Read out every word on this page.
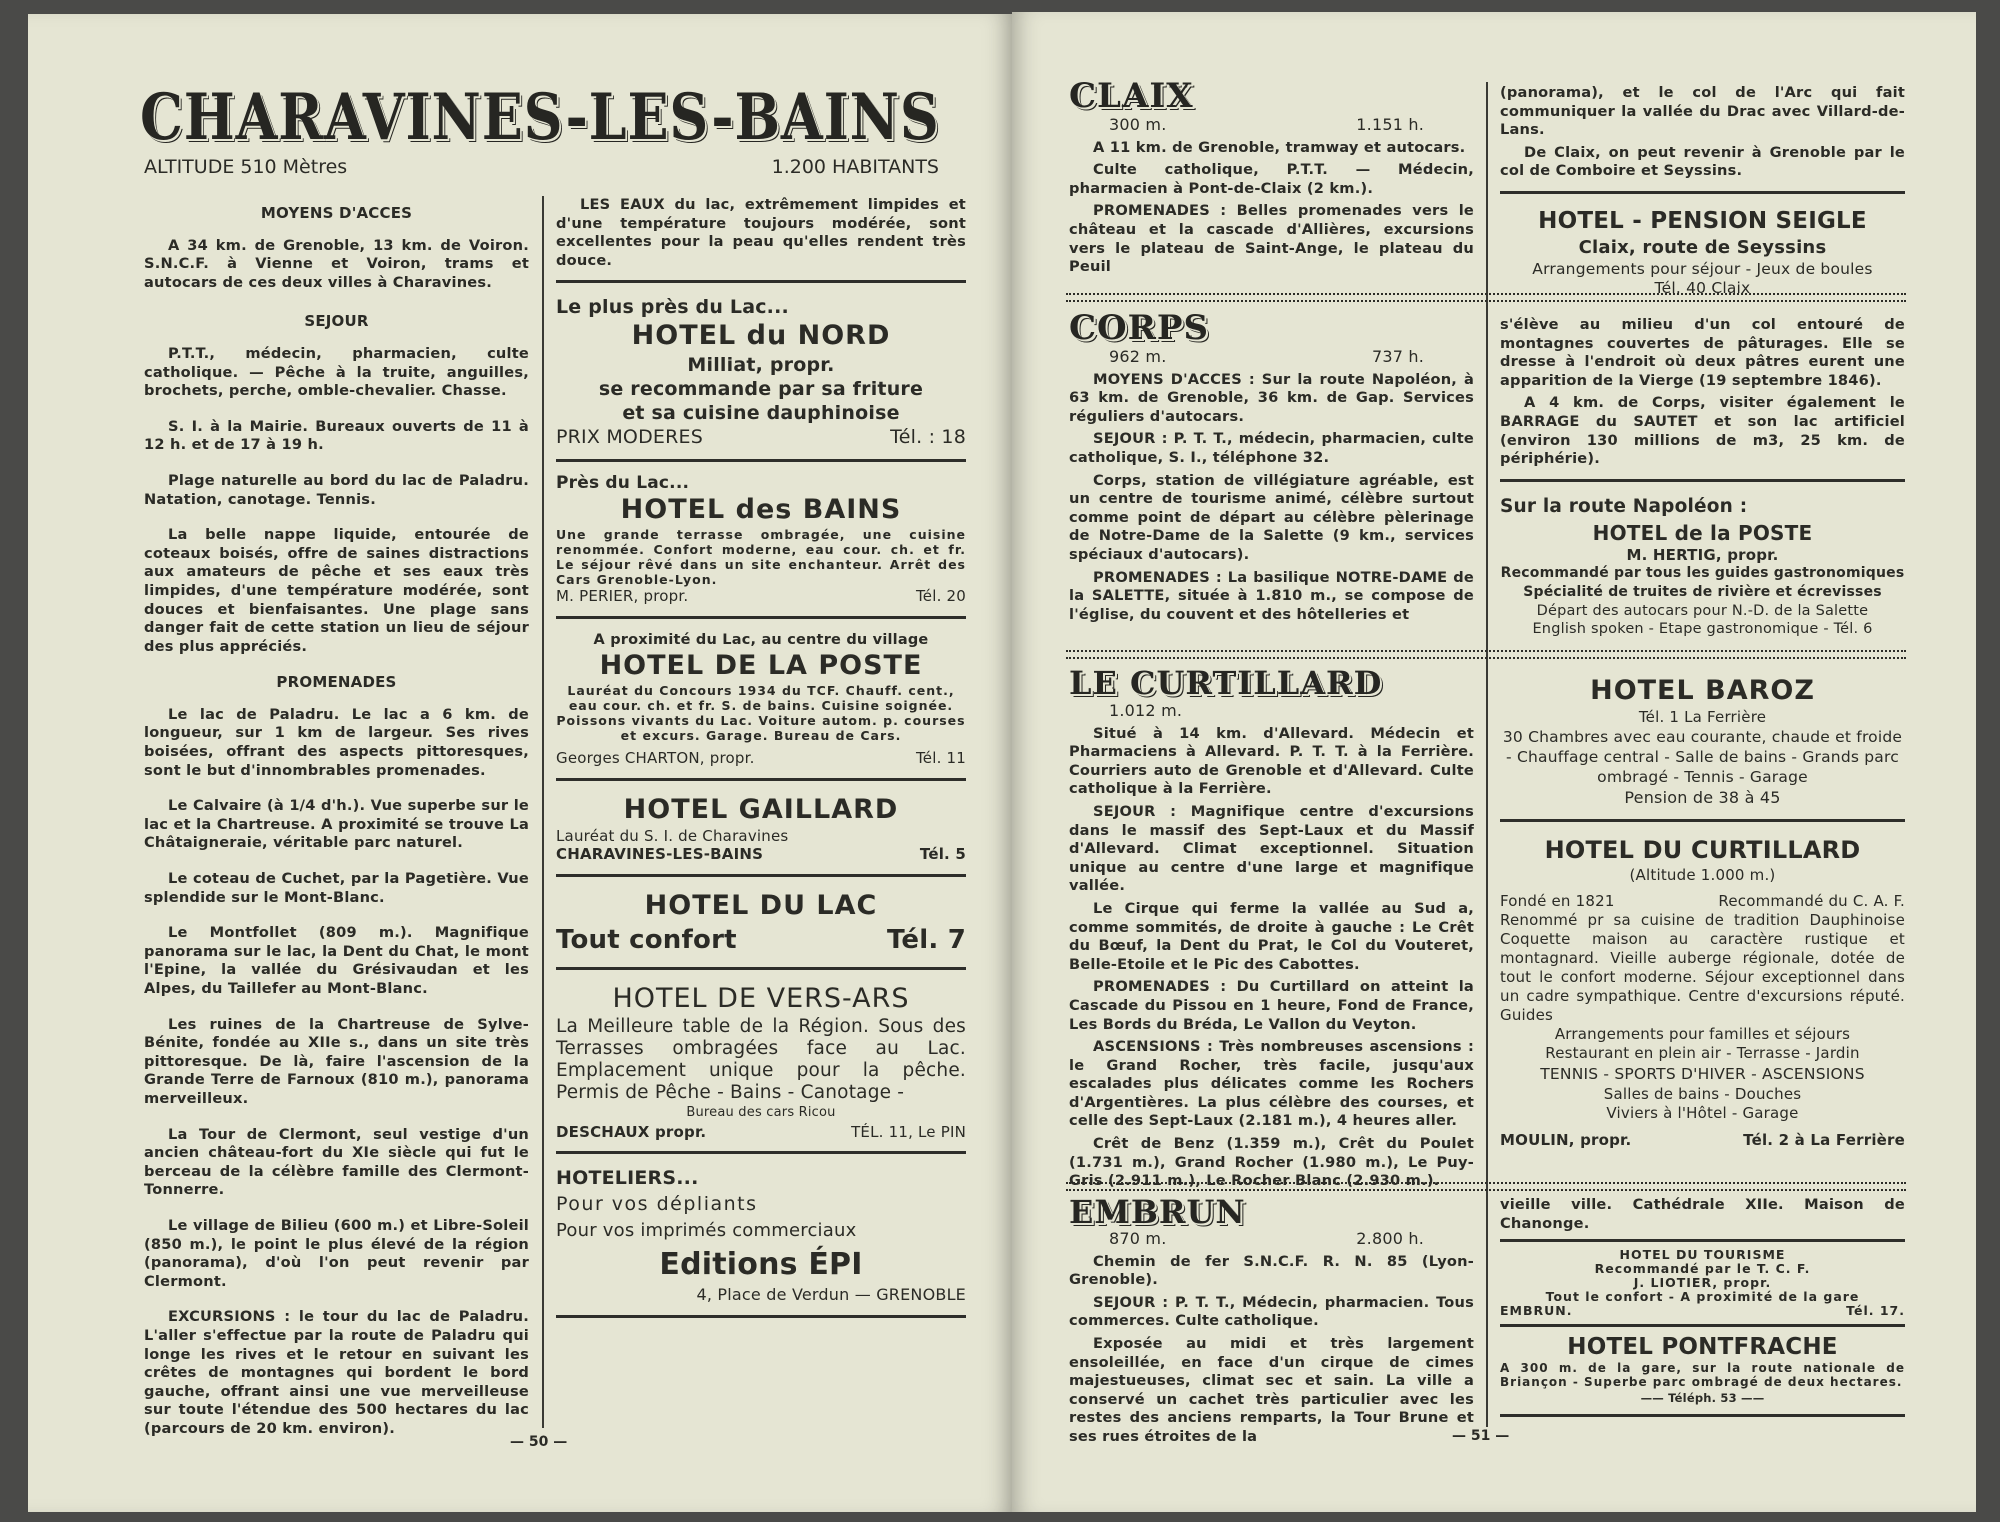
CHARAVINES-LES-BAINS
ALTITUDE 510 Mètres	1.200 HABITANTS

MOYENS D'ACCES

A 34 km. de Grenoble, 13 km. de Voiron. S.N.C.F. à Vienne et Voiron, trams et autocars de ces deux villes à Charavines.

SEJOUR

P.T.T., médecin, pharmacien, culte catholique. — Pêche à la truite, anguilles, brochets, perche, omble-chevalier. Chasse.

S. I. à la Mairie. Bureaux ouverts de 11 à 12 h. et de 17 à 19 h.

Plage naturelle au bord du lac de Paladru. Natation, canotage. Tennis.

La belle nappe liquide, entourée de coteaux boisés, offre de saines distractions aux amateurs de pêche et ses eaux très limpides, d'une température modérée, sont douces et bienfaisantes. Une plage sans danger fait de cette station un lieu de séjour des plus appréciés.

PROMENADES

Le lac de Paladru. Le lac a 6 km. de longueur, sur 1 km de largeur. Ses rives boisées, offrant des aspects pittoresques, sont le but d'innombrables promenades.

Le Calvaire (à 1/4 d'h.). Vue superbe sur le lac et la Chartreuse. A proximité se trouve La Châtaigneraie, véritable parc naturel.

Le coteau de Cuchet, par la Pagetière. Vue splendide sur le Mont-Blanc.

Le Montfollet (809 m.). Magnifique panorama sur le lac, la Dent du Chat, le mont l'Epine, la vallée du Grésivaudan et les Alpes, du Taillefer au Mont-Blanc.

Les ruines de la Chartreuse de Sylve-Bénite, fondée au XIIe s., dans un site très pittoresque. De là, faire l'ascension de la Grande Terre de Farnoux (810 m.), panorama merveilleux.

La Tour de Clermont, seul vestige d'un ancien château-fort du XIe siècle qui fut le berceau de la célèbre famille des Clermont-Tonnerre.

Le village de Bilieu (600 m.) et Libre-Soleil (850 m.), le point le plus élevé de la région (panorama), d'où l'on peut revenir par Clermont.

EXCURSIONS : le tour du lac de Paladru. L'aller s'effectue par la route de Paladru qui longe les rives et le retour en suivant les crêtes de montagnes qui bordent le bord gauche, offrant ainsi une vue merveilleuse sur toute l'étendue des 500 hectares du lac (parcours de 20 km. environ).

LES EAUX du lac, extrêmement limpides et d'une température toujours modérée, sont excellentes pour la peau qu'elles rendent très douce.

Le plus près du Lac...
HOTEL du NORD
Milliat, propr.
se recommande par sa friture
et sa cuisine dauphinoise
PRIX MODERES	Tél. : 18
Près du Lac...
HOTEL des BAINS
Une grande terrasse ombragée, une cuisine renommée. Confort moderne, eau cour. ch. et fr. Le séjour rêvé dans un site enchanteur. Arrêt des Cars Grenoble-Lyon.
M. PERIER, propr.	Tél. 20
A proximité du Lac, au centre du village
HOTEL DE LA POSTE
Lauréat du Concours 1934 du TCF. Chauff. cent., eau cour. ch. et fr. S. de bains. Cuisine soignée. Poissons vivants du Lac. Voiture autom. p. courses et excurs. Garage. Bureau de Cars.
Georges CHARTON, propr.	Tél. 11
HOTEL GAILLARD
Lauréat du S. I. de Charavines
CHARAVINES-LES-BAINS	Tél. 5
HOTEL DU LAC
Tout confort	Tél. 7
HOTEL DE VERS-ARS
La Meilleure table de la Région. Sous des Terrasses ombragées face au Lac. Emplacement unique pour la pêche. Permis de Pêche - Bains - Canotage -
Bureau des cars Ricou
DESCHAUX propr.	TÉL. 11, Le PIN
HOTELIERS...
Pour vos dépliants
Pour vos imprimés commerciaux
Editions ÉPI
4, Place de Verdun — GRENOBLE
— 50 —
CLAIX
300 m.	1.151 h.

A 11 km. de Grenoble, tramway et autocars.

Culte catholique, P.T.T. — Médecin, pharmacien à Pont-de-Claix (2 km.).

PROMENADES : Belles promenades vers le château et la cascade d'Allières, excursions vers le plateau de Saint-Ange, le plateau du Peuil

(panorama), et le col de l'Arc qui fait communiquer la vallée du Drac avec Villard-de-Lans.

De Claix, on peut revenir à Grenoble par le col de Comboire et Seyssins.

HOTEL - PENSION SEIGLE
Claix, route de Seyssins
Arrangements pour séjour - Jeux de boules
Tél. 40 Claix
CORPS
962 m.	737 h.

MOYENS D'ACCES : Sur la route Napoléon, à 63 km. de Grenoble, 36 km. de Gap. Services réguliers d'autocars.

SEJOUR : P. T. T., médecin, pharmacien, culte catholique, S. I., téléphone 32.

Corps, station de villégiature agréable, est un centre de tourisme animé, célèbre surtout comme point de départ au célèbre pèlerinage de Notre-Dame de la Salette (9 km., services spéciaux d'autocars).

PROMENADES : La basilique NOTRE-DAME de la SALETTE, située à 1.810 m., se compose de l'église, du couvent et des hôtelleries et

s'élève au milieu d'un col entouré de montagnes couvertes de pâturages. Elle se dresse à l'endroit où deux pâtres eurent une apparition de la Vierge (19 septembre 1846).

A 4 km. de Corps, visiter également le BARRAGE du SAUTET et son lac artificiel (environ 130 millions de m3, 25 km. de périphérie).

Sur la route Napoléon :
HOTEL de la POSTE
M. HERTIG, propr.
Recommandé par tous les guides gastronomiques
Spécialité de truites de rivière et écrevisses
Départ des autocars pour N.-D. de la Salette
English spoken - Etape gastronomique - Tél. 6
LE CURTILLARD
1.012 m.

Situé à 14 km. d'Allevard. Médecin et Pharmaciens à Allevard. P. T. T. à la Ferrière. Courriers auto de Grenoble et d'Allevard. Culte catholique à la Ferrière.

SEJOUR : Magnifique centre d'excursions dans le massif des Sept-Laux et du Massif d'Allevard. Climat exceptionnel. Situation unique au centre d'une large et magnifique vallée.

Le Cirque qui ferme la vallée au Sud a, comme sommités, de droite à gauche : Le Crêt du Bœuf, la Dent du Prat, le Col du Vouteret, Belle-Etoile et le Pic des Cabottes.

PROMENADES : Du Curtillard on atteint la Cascade du Pissou en 1 heure, Fond de France, Les Bords du Bréda, Le Vallon du Veyton.

ASCENSIONS : Très nombreuses ascensions : le Grand Rocher, très facile, jusqu'aux escalades plus délicates comme les Rochers d'Argentières. La plus célèbre des courses, et celle des Sept-Laux (2.181 m.), 4 heures aller.

Crêt de Benz (1.359 m.), Crêt du Poulet (1.731 m.), Grand Rocher (1.980 m.), Le Puy-Gris (2.911 m.), Le Rocher Blanc (2.930 m.).

HOTEL BAROZ
Tél. 1 La Ferrière
30 Chambres avec eau courante, chaude et froide - Chauffage central - Salle de bains - Grands parc ombragé - Tennis - Garage
Pension de 38 à 45
HOTEL DU CURTILLARD
(Altitude 1.000 m.)
Fondé en 1821	Recommandé du C. A. F.
Renommé pr sa cuisine de tradition Dauphinoise Coquette maison au caractère rustique et montagnard. Vieille auberge régionale, dotée de tout le confort moderne. Séjour exceptionnel dans un cadre sympathique. Centre d'excursions réputé. Guides
Arrangements pour familles et séjours
Restaurant en plein air - Terrasse - Jardin
TENNIS - SPORTS D'HIVER - ASCENSIONS
Salles de bains - Douches
Viviers à l'Hôtel - Garage
MOULIN, propr.	Tél. 2 à La Ferrière
EMBRUN
870 m.	2.800 h.

Chemin de fer S.N.C.F. R. N. 85 (Lyon-Grenoble).

SEJOUR : P. T. T., Médecin, pharmacien. Tous commerces. Culte catholique.

Exposée au midi et très largement ensoleillée, en face d'un cirque de cimes majestueuses, climat sec et sain. La ville a conservé un cachet très particulier avec les restes des anciens remparts, la Tour Brune et ses rues étroites de la

vieille ville. Cathédrale XIIe. Maison de Chanonge.

HOTEL DU TOURISME
Recommandé par le T. C. F.
J. LIOTIER, propr.
Tout le confort - A proximité de la gare
EMBRUN.	Tél. 17.
HOTEL PONTFRACHE
A 300 m. de la gare, sur la route nationale de Briançon - Superbe parc ombragé de deux hectares.
—— Téléph. 53 ——
— 51 —
